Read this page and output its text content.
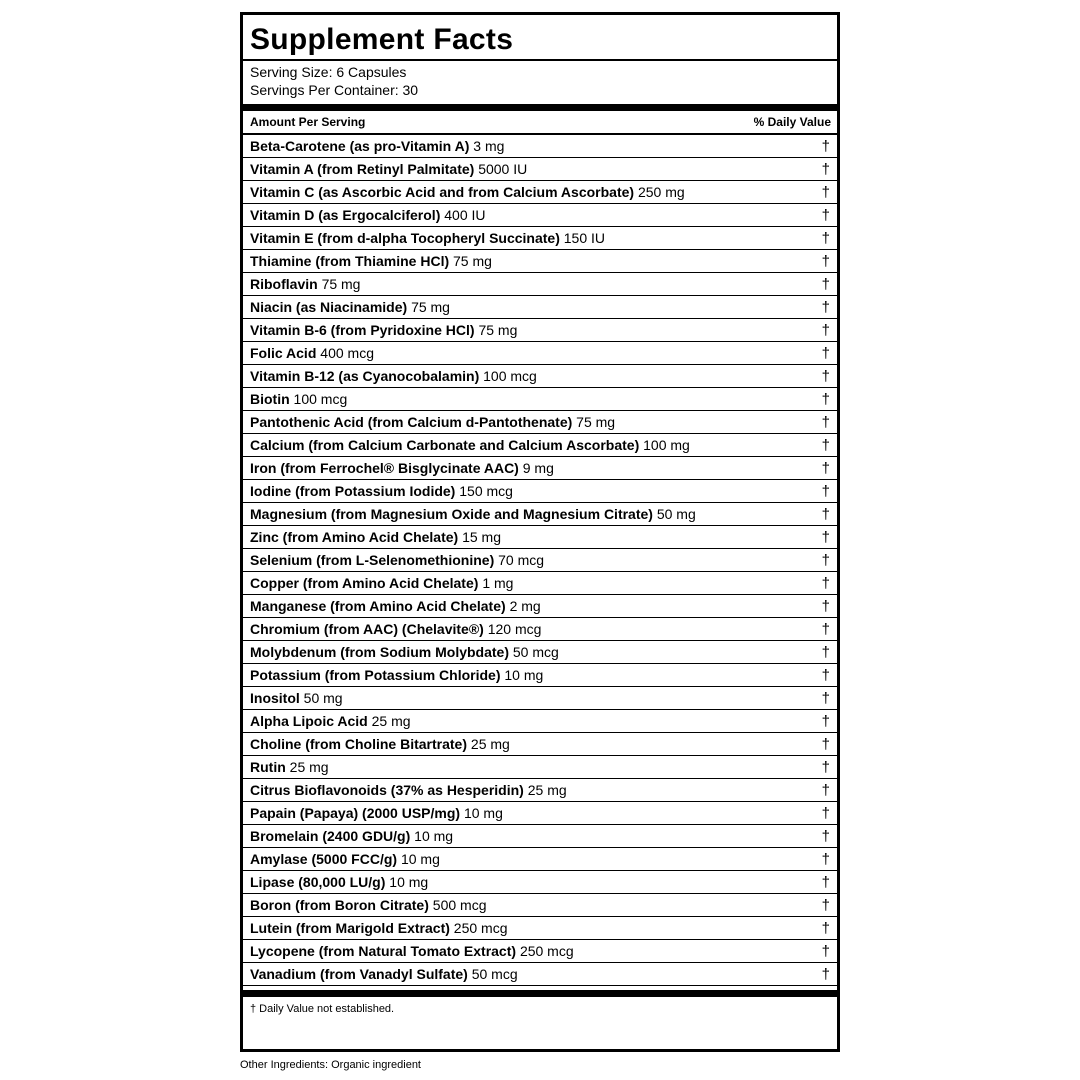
Supplement Facts
Serving Size: 6 Capsules
Servings Per Container: 30
Amount Per Serving	% Daily Value
Beta-Carotene (as pro-Vitamin A) 3 mg	†
Vitamin A (from Retinyl Palmitate) 5000 IU	†
Vitamin C (as Ascorbic Acid and from Calcium Ascorbate) 250 mg	†
Vitamin D (as Ergocalciferol) 400 IU	†
Vitamin E (from d-alpha Tocopheryl Succinate) 150 IU	†
Thiamine (from Thiamine HCl) 75 mg	†
Riboflavin 75 mg	†
Niacin (as Niacinamide) 75 mg	†
Vitamin B-6 (from Pyridoxine HCl) 75 mg	†
Folic Acid 400 mcg	†
Vitamin B-12 (as Cyanocobalamin) 100 mcg	†
Biotin 100 mcg	†
Pantothenic Acid (from Calcium d-Pantothenate) 75 mg	†
Calcium (from Calcium Carbonate and Calcium Ascorbate) 100 mg	†
Iron (from Ferrochel® Bisglycinate AAC) 9 mg	†
Iodine (from Potassium Iodide) 150 mcg	†
Magnesium (from Magnesium Oxide and Magnesium Citrate) 50 mg	†
Zinc (from Amino Acid Chelate) 15 mg	†
Selenium (from L-Selenomethionine) 70 mcg	†
Copper (from Amino Acid Chelate) 1 mg	†
Manganese (from Amino Acid Chelate) 2 mg	†
Chromium (from AAC) (Chelavite®) 120 mcg	†
Molybdenum (from Sodium Molybdate) 50 mcg	†
Potassium (from Potassium Chloride) 10 mg	†
Inositol 50 mg	†
Alpha Lipoic Acid 25 mg	†
Choline (from Choline Bitartrate) 25 mg	†
Rutin 25 mg	†
Citrus Bioflavonoids (37% as Hesperidin) 25 mg	†
Papain (Papaya) (2000 USP/mg) 10 mg	†
Bromelain (2400 GDU/g) 10 mg	†
Amylase (5000 FCC/g) 10 mg	†
Lipase (80,000 LU/g) 10 mg	†
Boron (from Boron Citrate) 500 mcg	†
Lutein (from Marigold Extract) 250 mcg	†
Lycopene (from Natural Tomato Extract) 250 mcg	†
Vanadium (from Vanadyl Sulfate) 50 mcg	†
† Daily Value not established.
Other Ingredients: Organic ingredient
